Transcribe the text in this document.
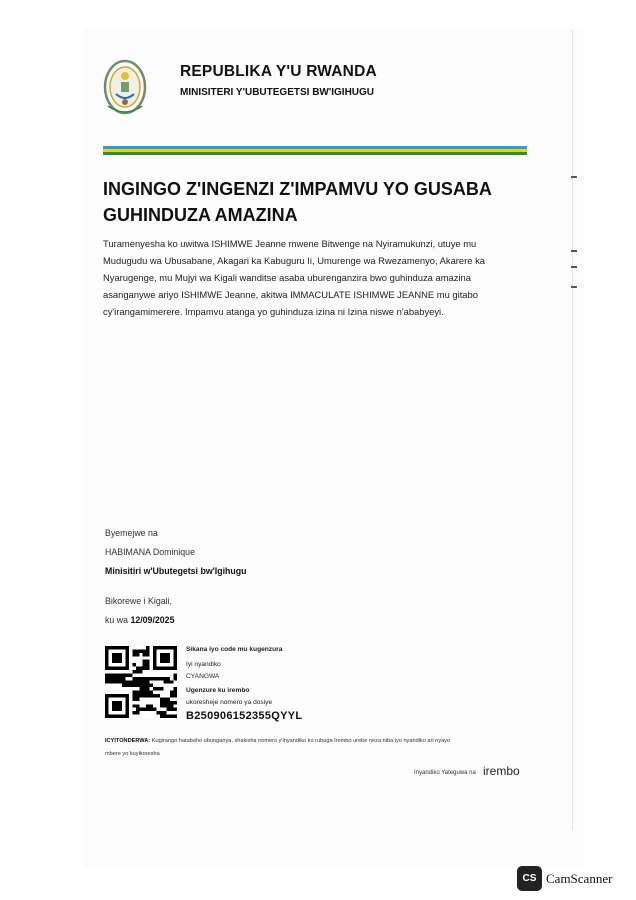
REPUBLIKA Y'U RWANDA
MINISITERI Y'UBUTEGETSI BW'IGIHUGU
INGINGO Z'INGENZI Z'IMPAMVU YO GUSABA
GUHINDUZA AMAZINA
Turamenyesha ko uwitwa ISHIMWE Jeanne mwene Bitwenge na Nyiramukunzi, utuye mu
Mudugudu wa Ubusabane, Akagari ka Kabuguru Ii, Umurenge wa Rwezamenyo, Akarere ka
Nyarugenge, mu Mujyi wa Kigali wanditse asaba uburenganzira bwo guhinduza amazina
asanganywe ariyo ISHIMWE Jeanne, akitwa IMMACULATE ISHIMWE JEANNE mu gitabo
cy'irangamimerere. Impamvu atanga yo guhinduza izina ni Izina niswe n'ababyeyi.
Byemejwe na
HABIMANA Dominique
Minisitiri w'Ubutegetsi bw'Igihugu
Bikorewe i Kigali,
ku wa 12/09/2025
Sikana iyo code mu kugenzura
Iyi nyandiko
CYANGWA
Ugenzure ku irembo
ukoresheje nomero ya dosiye
B250906152355QYYL
ICYITONDERWA: Kugirango hatabaho ubunganya, shakisha nomero y'inyandiko ku rubuga Irembo urebe neza niba iyo nyandiko ari nyayo
mbere yo kuyikoresha
Inyandiko Yateguwa na irembo
CS CamScanner
